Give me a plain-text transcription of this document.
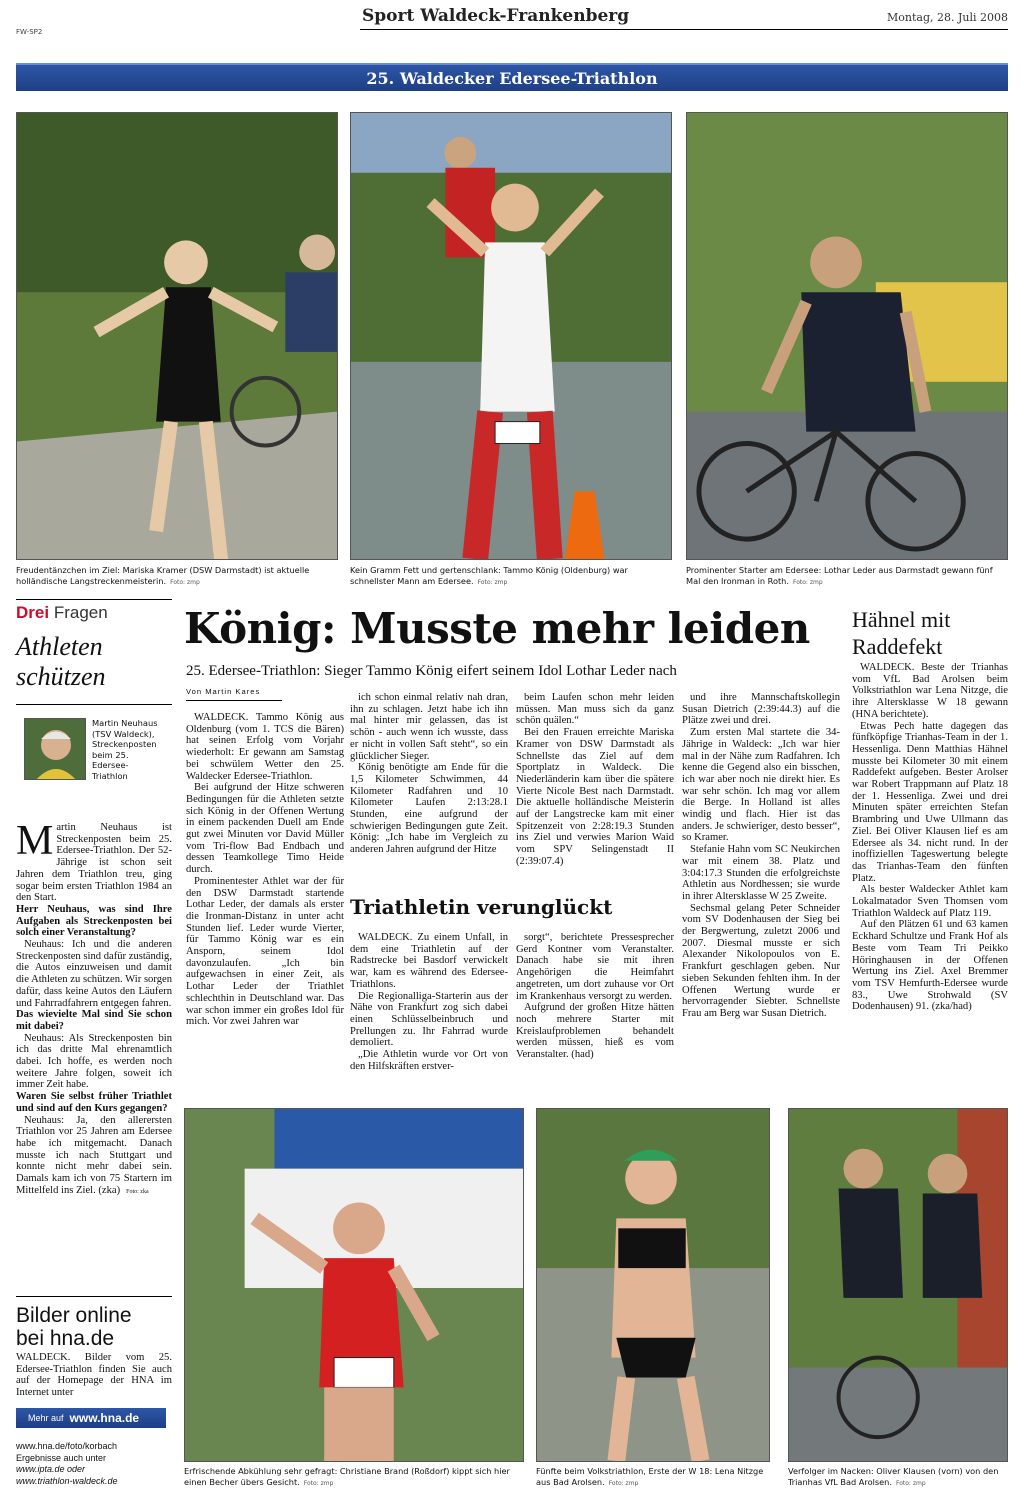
Sport Waldeck-Frankenberg	Montag, 28. Juli 2008
FW-SP2
25. Waldecker Edersee-Triathlon
Freudentänzchen im Ziel: Mariska Kramer (DSW Darmstadt) ist aktuelle holländische Langstreckenmeisterin. Foto: zmp
Kein Gramm Fett und gertenschlank: Tammo König (Oldenburg) war schnellster Mann am Edersee. Foto: zmp
Prominenter Starter am Edersee: Lothar Leder aus Darmstadt gewann fünf Mal den Ironman in Roth. Foto: zmp
Drei Fragen
Athleten
schützen
Martin Neuhaus (TSV Waldeck), Streckenposten beim 25. Edersee-Triathlon
M artin Neuhaus ist Streckenposten beim 25. Edersee-Triathlon. Der 52-Jährige ist schon seit Jahren dem Triathlon treu, ging sogar beim ersten Triathlon 1984 an den Start.

Herr Neuhaus, was sind Ihre Aufgaben als Streckenposten bei solch einer Veranstaltung?

Neuhaus: Ich und die anderen Streckenposten sind dafür zuständig, die Autos einzuweisen und damit die Athleten zu schützen. Wir sorgen dafür, dass keine Autos den Läufern und Fahrradfahrern entgegen fahren.

Das wievielte Mal sind Sie schon mit dabei?

Neuhaus: Als Streckenposten bin ich das dritte Mal ehrenamtlich dabei. Ich hoffe, es werden noch weitere Jahre folgen, soweit ich immer Zeit habe.

Waren Sie selbst früher Triathlet und sind auf den Kurs gegangen?

Neuhaus: Ja, den allerersten Triathlon vor 25 Jahren am Edersee habe ich mitgemacht. Danach musste ich nach Stuttgart und konnte nicht mehr dabei sein. Damals kam ich von 75 Startern im Mittelfeld ins Ziel. (zka) Foto: zka

Bilder online
bei hna.de
WALDECK. Bilder vom 25. Edersee-Triathlon finden Sie auch auf der Homepage der HNA im Internet unter
Mehr auf www.hna.de
www.hna.de/foto/korbach
Ergebnisse auch unter
www.ipta.de oder
www.triathlon-waldeck.de
König: Musste mehr leiden
25. Edersee-Triathlon: Sieger Tammo König eifert seinem Idol Lothar Leder nach
Von Martin Kares

WALDECK. Tammo König aus Oldenburg (vom 1. TCS die Bären) hat seinen Erfolg vom Vorjahr wiederholt: Er gewann am Samstag bei schwülem Wetter den 25. Waldecker Edersee-Triathlon.

Bei aufgrund der Hitze schweren Bedingungen für die Athleten setzte sich König in der Offenen Wertung in einem packenden Duell am Ende gut zwei Minuten vor David Müller vom Tri-flow Bad Endbach und dessen Teamkollege Timo Heide durch.

Prominentester Athlet war der für den DSW Darmstadt startende Lothar Leder, der damals als erster die Ironman-Distanz in unter acht Stunden lief. Leder wurde Vierter, für Tammo König war es ein Ansporn, seinem Idol davonzulaufen. „Ich bin aufgewachsen in einer Zeit, als Lothar Leder der Triathlet schlechthin in Deutschland war. Das war schon immer ein großes Idol für mich. Vor zwei Jahren war

ich schon einmal relativ nah dran, ihn zu schlagen. Jetzt habe ich ihn mal hinter mir gelassen, das ist schön - auch wenn ich wusste, dass er nicht in vollen Saft steht“, so ein glücklicher Sieger.

König benötigte am Ende für die 1,5 Kilometer Schwimmen, 44 Kilometer Radfahren und 10 Kilometer Laufen 2:13:28.1 Stunden, eine aufgrund der schwierigen Bedingungen gute Zeit. König: „Ich habe im Vergleich zu anderen Jahren aufgrund der Hitze

beim Laufen schon mehr leiden müssen. Man muss sich da ganz schön quälen.“

Bei den Frauen erreichte Mariska Kramer von DSW Darmstadt als Schnellste das Ziel auf dem Sportplatz in Waldeck. Die Niederländerin kam über die spätere Vierte Nicole Best nach Darmstadt. Die aktuelle holländische Meisterin auf der Langstrecke kam mit einer Spitzenzeit von 2:28:19.3 Stunden ins Ziel und verwies Marion Waid vom SPV Selingenstadt II (2:39:07.4)

und ihre Mannschaftskollegin Susan Dietrich (2:39:44.3) auf die Plätze zwei und drei.

Zum ersten Mal startete die 34-Jährige in Waldeck: „Ich war hier mal in der Nähe zum Radfahren. Ich kenne die Gegend also ein bisschen, ich war aber noch nie direkt hier. Es war sehr schön. Ich mag vor allem die Berge. In Holland ist alles windig und flach. Hier ist das anders. Je schwieriger, desto besser“, so Kramer.

Stefanie Hahn vom SC Neukirchen war mit einem 38. Platz und 3:04:17.3 Stunden die erfolgreichste Athletin aus Nordhessen; sie wurde in ihrer Altersklasse W 25 Zweite.

Sechsmal gelang Peter Schneider vom SV Dodenhausen der Sieg bei der Bergwertung, zuletzt 2006 und 2007. Diesmal musste er sich Alexander Nikolopoulos von E. Frankfurt geschlagen geben. Nur sieben Sekunden fehlten ihm. In der Offenen Wertung wurde er hervorragender Siebter. Schnellste Frau am Berg war Susan Dietrich.

Triathletin verunglückt

WALDECK. Zu einem Unfall, in dem eine Triathletin auf der Radstrecke bei Basdorf verwickelt war, kam es während des Edersee-Triathlons.

Die Regionalliga-Starterin aus der Nähe von Frankfurt zog sich dabei einen Schlüsselbeinbruch und Prellungen zu. Ihr Fahrrad wurde demoliert.

„Die Athletin wurde vor Ort von den Hilfskräften erstver-

sorgt“, berichtete Pressesprecher Gerd Kontner vom Veranstalter. Danach habe sie mit ihren Angehörigen die Heimfahrt angetreten, um dort zuhause vor Ort im Krankenhaus versorgt zu werden.

Aufgrund der großen Hitze hätten noch mehrere Starter mit Kreislaufproblemen behandelt werden müssen, hieß es vom Veranstalter. (had)

Hähnel mit
Raddefekt

WALDECK. Beste der Trianhas vom VfL Bad Arolsen beim Volkstriathlon war Lena Nitzge, die ihre Altersklasse W 18 gewann (HNA berichtete).

Etwas Pech hatte dagegen das fünfköpfige Trianhas-Team in der 1. Hessenliga. Denn Matthias Hähnel musste bei Kilometer 30 mit einem Raddefekt aufgeben. Bester Arolser war Robert Trappmann auf Platz 18 der 1. Hessenliga. Zwei und drei Minuten später erreichten Stefan Brambring und Uwe Ullmann das Ziel. Bei Oliver Klausen lief es am Edersee als 34. nicht rund. In der inoffiziellen Tageswertung belegte das Trianhas-Team den fünften Platz.

Als bester Waldecker Athlet kam Lokalmatador Sven Thomsen vom Triathlon Waldeck auf Platz 119.

Auf den Plätzen 61 und 63 kamen Eckhard Schultze und Frank Hof als Beste vom Team Tri Peikko Höringhausen in der Offenen Wertung ins Ziel. Axel Bremmer vom TSV Hemfurth-Edersee wurde 83., Uwe Strohwald (SV Dodenhausen) 91. (zka/had)

Erfrischende Abkühlung sehr gefragt: Christiane Brand (Roßdorf) kippt sich hier einen Becher übers Gesicht. Foto: zmp
Fünfte beim Volkstriathlon, Erste der W 18: Lena Nitzge aus Bad Arolsen. Foto: zmp
Verfolger im Nacken: Oliver Klausen (vorn) von den Trianhas VfL Bad Arolsen. Foto: zmp
